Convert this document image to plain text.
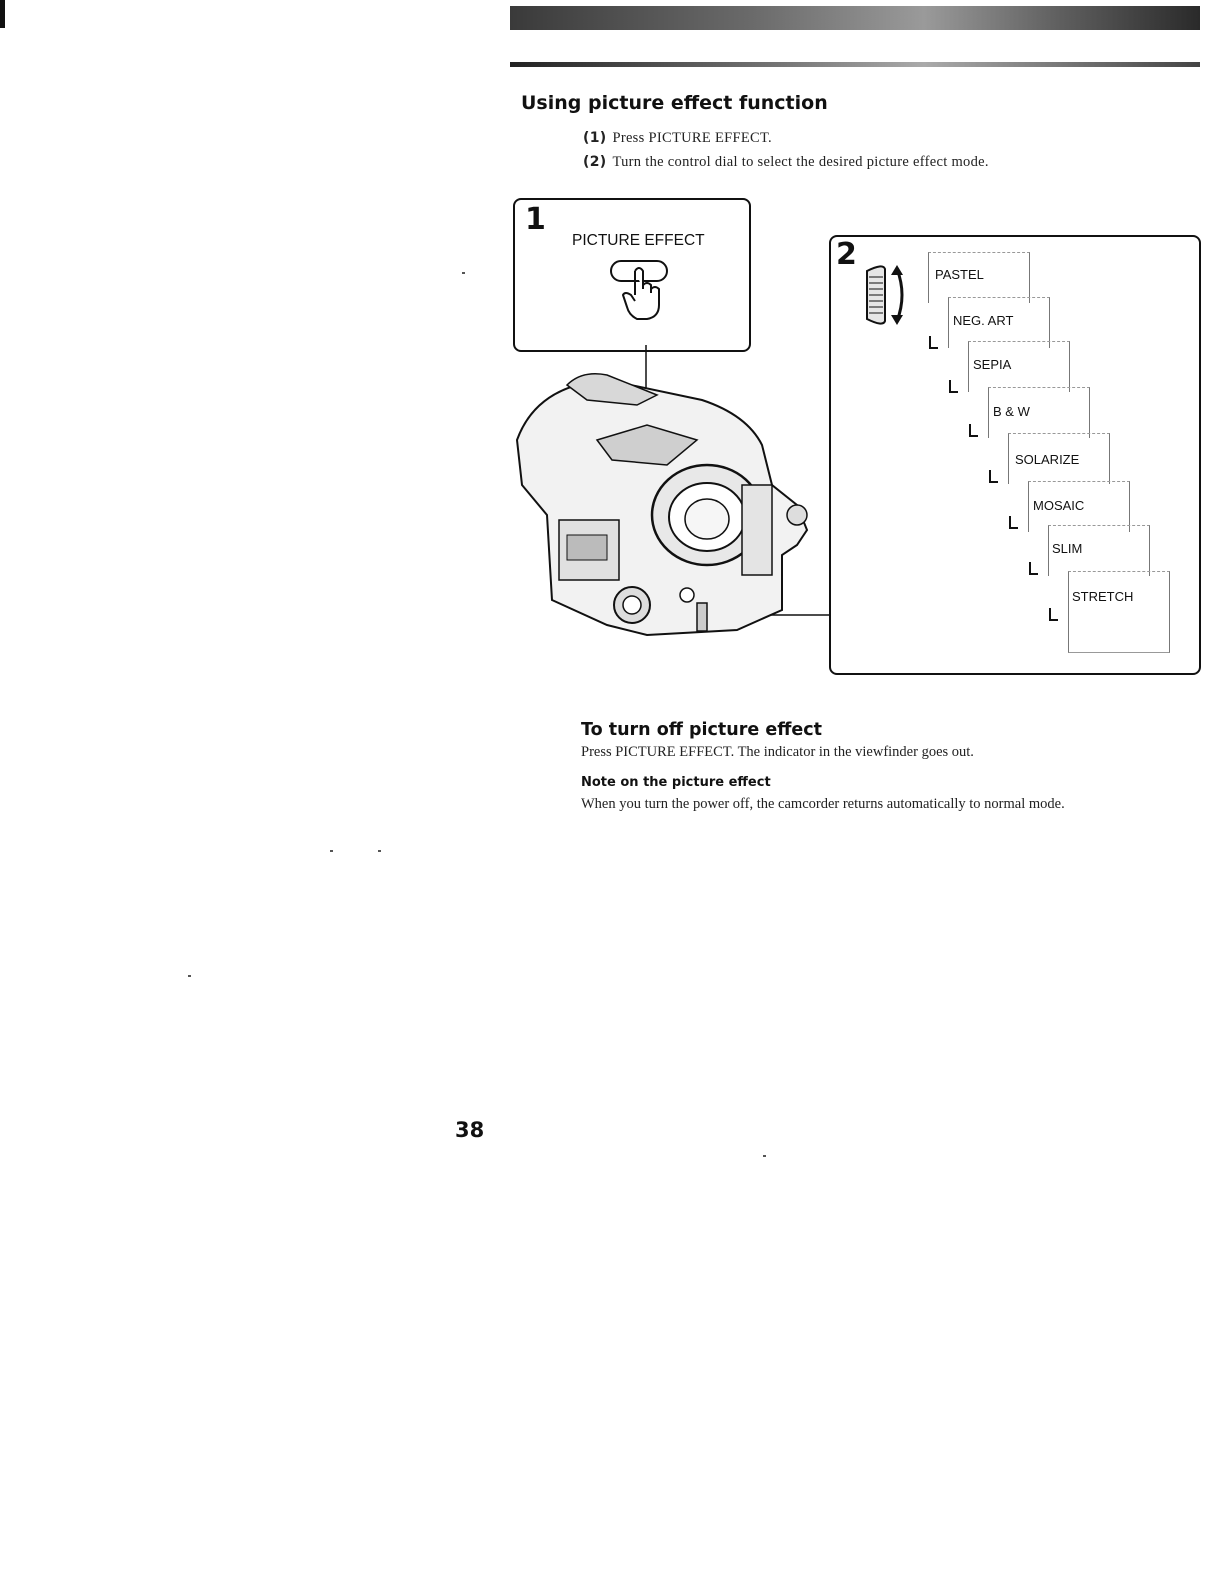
Using picture effect function
(1) Press PICTURE EFFECT.
(2) Turn the control dial to select the desired picture effect mode.
1
PICTURE EFFECT	2
PASTEL
NEG. ART
SEPIA
B & W
SOLARIZE
MOSAIC
SLIM
STRETCH
To turn off picture effect
Press PICTURE EFFECT. The indicator in the viewfinder goes out.
Note on the picture effect
When you turn the power off, the camcorder returns automatically to normal mode.
38
